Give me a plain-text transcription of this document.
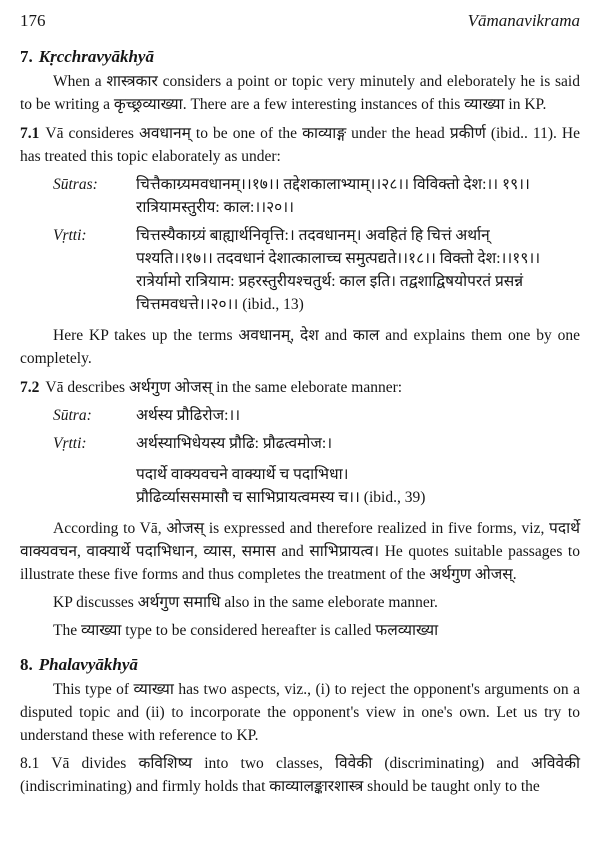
176	Vāmanavikrama
7. Kṛcchravyākhyā

When a शास्त्रकार considers a point or topic very minutely and eleborately he is said to be writing a कृच्छ्रव्याख्या. There are a few interesting instances of this व्याख्या in KP.

7.1 Vā consideres अवधानम् to be one of the काव्याङ्ग under the head प्रकीर्ण (ibid.. 11). He has treated this topic elaborately as under:

Sūtras:	चित्तैकाग्र्यमवधानम्।।१७।। तद्देशकालाभ्याम्।।२८।। विविक्तो देश:।। १९।।
रात्रियामस्तुरीय: काल:।।२०।।
Vṛtti:	चित्तस्यैकाग्र्यं बाह्यार्थनिवृत्ति:। तदवधानम्। अवहितं हि चित्तं अर्थान्
पश्यति।।१७।। तदवधानं देशात्कालाच्च समुत्पद्यते।।१८।। विक्तो देश:।।१९।।
रात्रेर्यामो रात्रियाम: प्रहरस्तुरीयश्चतुर्थ: काल इति। तद्वशाद्विषयोपरतं प्रसन्नं
चित्तमवधत्ते।।२०।। (ibid., 13)

Here KP takes up the terms अवधानम्, देश and काल and explains them one by one completely.

7.2 Vā describes अर्थगुण ओजस् in the same eleborate manner:

Sūtra:	अर्थस्य प्रौढिरोज:।।
Vṛtti:	अर्थस्याभिधेयस्य प्रौढि: प्रौढत्वमोज:।
पदार्थे वाक्यवचने वाक्यार्थे च पदाभिधा।
प्रौढिर्व्याससमासौ च साभिप्रायत्वमस्य च।। (ibid., 39)

According to Vā, ओजस् is expressed and therefore realized in five forms, viz, पदार्थे वाक्यवचन, वाक्यार्थे पदाभिधान, व्यास, समास and साभिप्रायत्व। He quotes suitable passages to illustrate these five forms and thus completes the treatment of the अर्थगुण ओजस्.

KP discusses अर्थगुण समाधि also in the same eleborate manner.

The व्याख्या type to be considered hereafter is called फलव्याख्या

8. Phalavyākhyā

This type of व्याख्या has two aspects, viz., (i) to reject the opponent's arguments on a disputed topic and (ii) to incorporate the opponent's view in one's own. Let us try to understand these with reference to KP.

8.1 Vā divides कविशिष्य into two classes, विवेकी (discriminating) and अविवेकी (indiscriminating) and firmly holds that काव्यालङ्कारशास्त्र should be taught only to the
